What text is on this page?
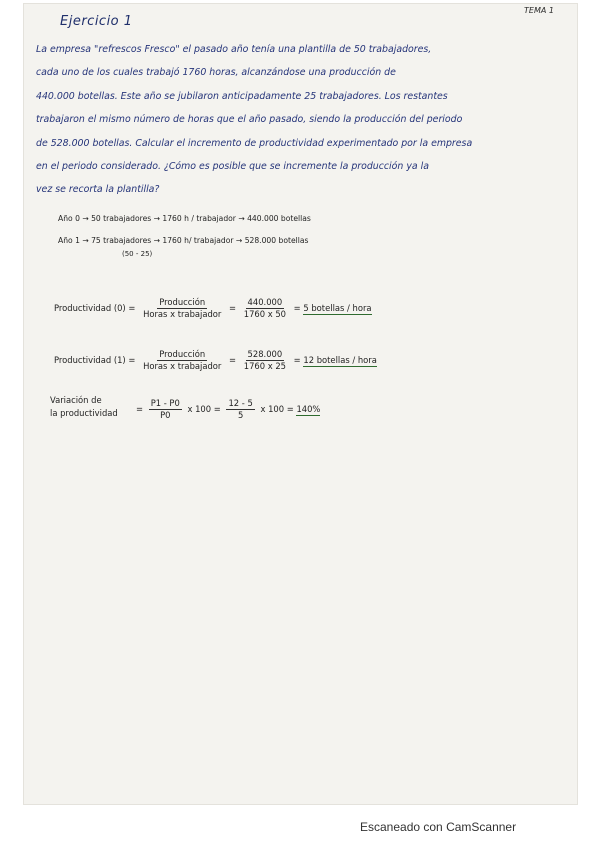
TEMA 1
Ejercicio 1
La empresa "refrescos Fresco" el pasado año tenía una plantilla de 50 trabajadores,
cada uno de los cuales trabajó 1760 horas, alcanzándose una producción de
440.000 botellas. Este año se jubilaron anticipadamente 25 trabajadores. Los restantes
trabajaron el mismo número de horas que el año pasado, siendo la producción del periodo
de 528.000 botellas. Calcular el incremento de productividad experimentado por la empresa
en el periodo considerado. ¿Cómo es posible que se incremente la producción ya la
vez se recorta la plantilla?
Año 0 → 50 trabajadores → 1760 h / trabajador → 440.000 botellas
Año 1 → 75 trabajadores → 1760 h/ trabajador → 528.000 botellas
(50 - 25)
Productividad $(0) = \frac{\text{Producción}}{\text{Horas x trabajador}} = \frac{440.000}{1760 x 50} = 5$ botellas / hora
Productividad $(1) = \frac{\text{Producción}}{\text{Horas x trabajador}} = \frac{528.000}{1760 x 25} = 12$ botellas / hora
Variación de
la productividad = $\frac{P1 - P0}{P0}$ x $100 = \frac{12 - 5}{5}$ x 100 = 140%
Escaneado con CamScanner
